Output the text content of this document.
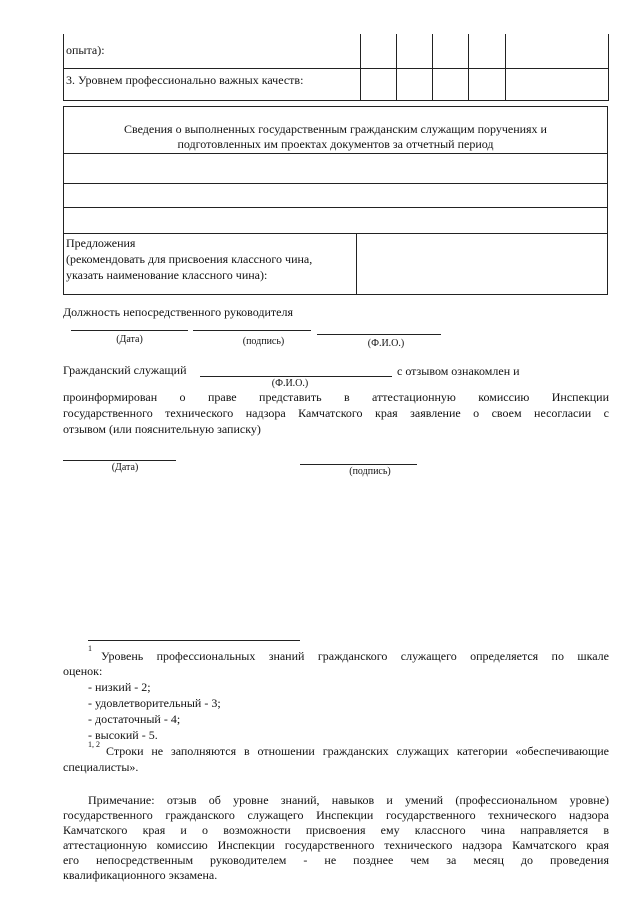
опыта):
3. Уровнем профессионально важных качеств:
Сведения о выполненных государственным гражданским служащим поручениях и
подготовленных им проектах документов за отчетный период
Предложения
(рекомендовать для присвоения классного чина,
указать наименование классного чина):
Должность непосредственного руководителя
(Дата)	(подпись)	(Ф.И.О.)
Гражданский служащий	с отзывом ознакомлен и
(Ф.И.О.)
проинформирован о праве представить в аттестационную комиссию Инспекции
государственного технического надзора Камчатского края заявление о своем несогласии с
отзывом (или пояснительную записку)
(Дата)	(подпись)
1
Уровень профессиональных знаний гражданского служащего определяется по шкале
оценок:
- низкий - 2;
- удовлетворительный - 3;
- достаточный - 4;
- высокий - 5.
1, 2 Строки не заполняются в отношении гражданских служащих категории «обеспечивающие
специалисты».
Примечание: отзыв об уровне знаний, навыков и умений (профессиональном уровне)
государственного гражданского служащего Инспекции государственного технического надзора
Камчатского края и о возможности присвоения ему классного чина направляется в
аттестационную комиссию Инспекции государственного технического надзора Камчатского края
его непосредственным руководителем - не позднее чем за месяц до проведения
квалификационного экзамена.
